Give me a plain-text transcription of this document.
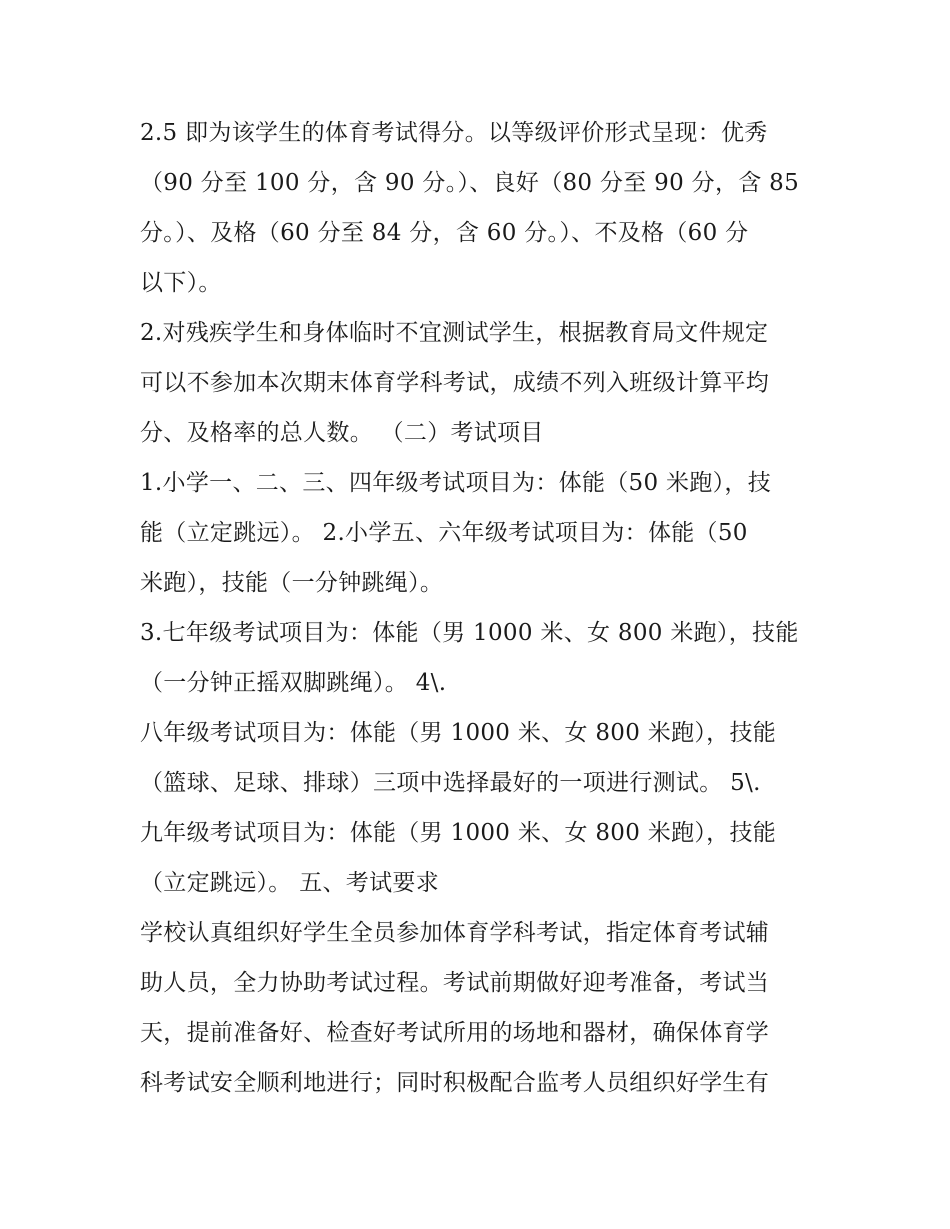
2.5 即为该学生的体育考试得分。以等级评价形式呈现：优秀
（90 分至 100 分，含 90 分。）、良好（80 分至 90 分，含 85
分。）、及格（60 分至 84 分，含 60 分。）、不及格（60 分
以下）。
2.对残疾学生和身体临时不宜测试学生，根据教育局文件规定
可以不参加本次期末体育学科考试，成绩不列入班级计算平均
分、及格率的总人数。 （二）考试项目
1.小学一、二、三、四年级考试项目为：体能（50 米跑），技
能（立定跳远）。 2.小学五、六年级考试项目为：体能（50
米跑），技能（一分钟跳绳）。
3.七年级考试项目为：体能（男 1000 米、女 800 米跑），技能
（一分钟正摇双脚跳绳）。 4\.
八年级考试项目为：体能（男 1000 米、女 800 米跑），技能
（篮球、足球、排球）三项中选择最好的一项进行测试。 5\.
九年级考试项目为：体能（男 1000 米、女 800 米跑），技能
（立定跳远）。 五、考试要求
学校认真组织好学生全员参加体育学科考试，指定体育考试辅
助人员，全力协助考试过程。考试前期做好迎考准备，考试当
天，提前准备好、检查好考试所用的场地和器材，确保体育学
科考试安全顺利地进行；同时积极配合监考人员组织好学生有
